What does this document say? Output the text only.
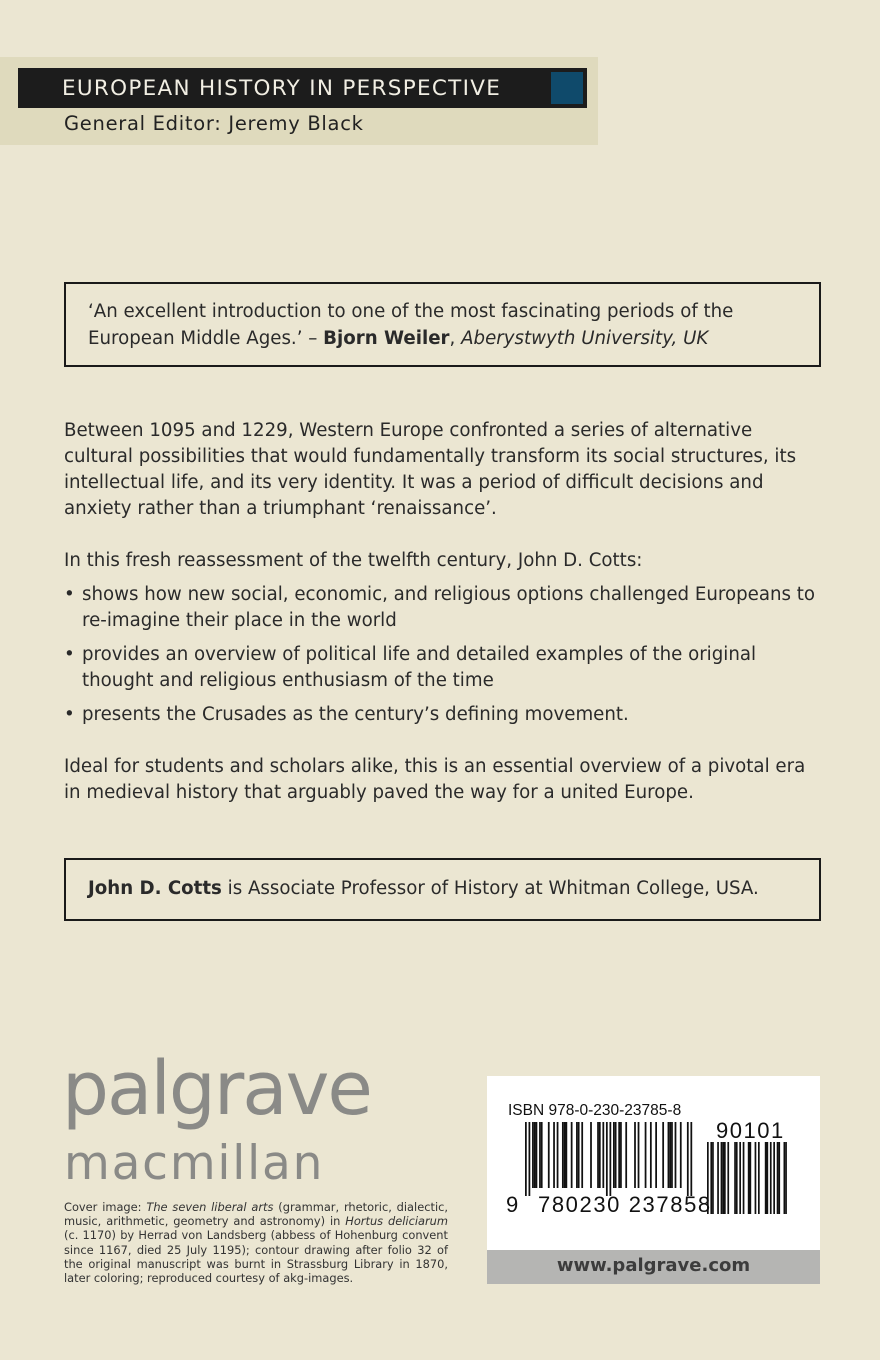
EUROPEAN HISTORY IN PERSPECTIVE
General Editor: Jeremy Black
‘An excellent introduction to one of the most fascinating periods of the European Middle Ages.’ – Bjorn Weiler, Aberystwyth University, UK
Between 1095 and 1229, Western Europe confronted a series of alternative cultural possibilities that would fundamentally transform its social structures, its intellectual life, and its very identity. It was a period of difficult decisions and anxiety rather than a triumphant ‘renaissance’.
In this fresh reassessment of the twelfth century, John D. Cotts:
• shows how new social, economic, and religious options challenged Europeans to re-imagine their place in the world
• provides an overview of political life and detailed examples of the original thought and religious enthusiasm of the time
• presents the Crusades as the century’s defining movement.
Ideal for students and scholars alike, this is an essential overview of a pivotal era in medieval history that arguably paved the way for a united Europe.
John D. Cotts is Associate Professor of History at Whitman College, USA.
palgrave
macmillan
Cover image: The seven liberal arts (grammar, rhetoric, dialectic, music, arithmetic, geometry and astronomy) in Hortus deliciarum (c. 1170) by Herrad von Landsberg (abbess of Hohenburg convent since 1167, died 25 July 1195); contour drawing after folio 32 of the original manuscript was burnt in Strassburg Library in 1870, later coloring; reproduced courtesy of akg-images.
ISBN 978-0-230-23785-8
9 780230 237858
90101
www.palgrave.com
